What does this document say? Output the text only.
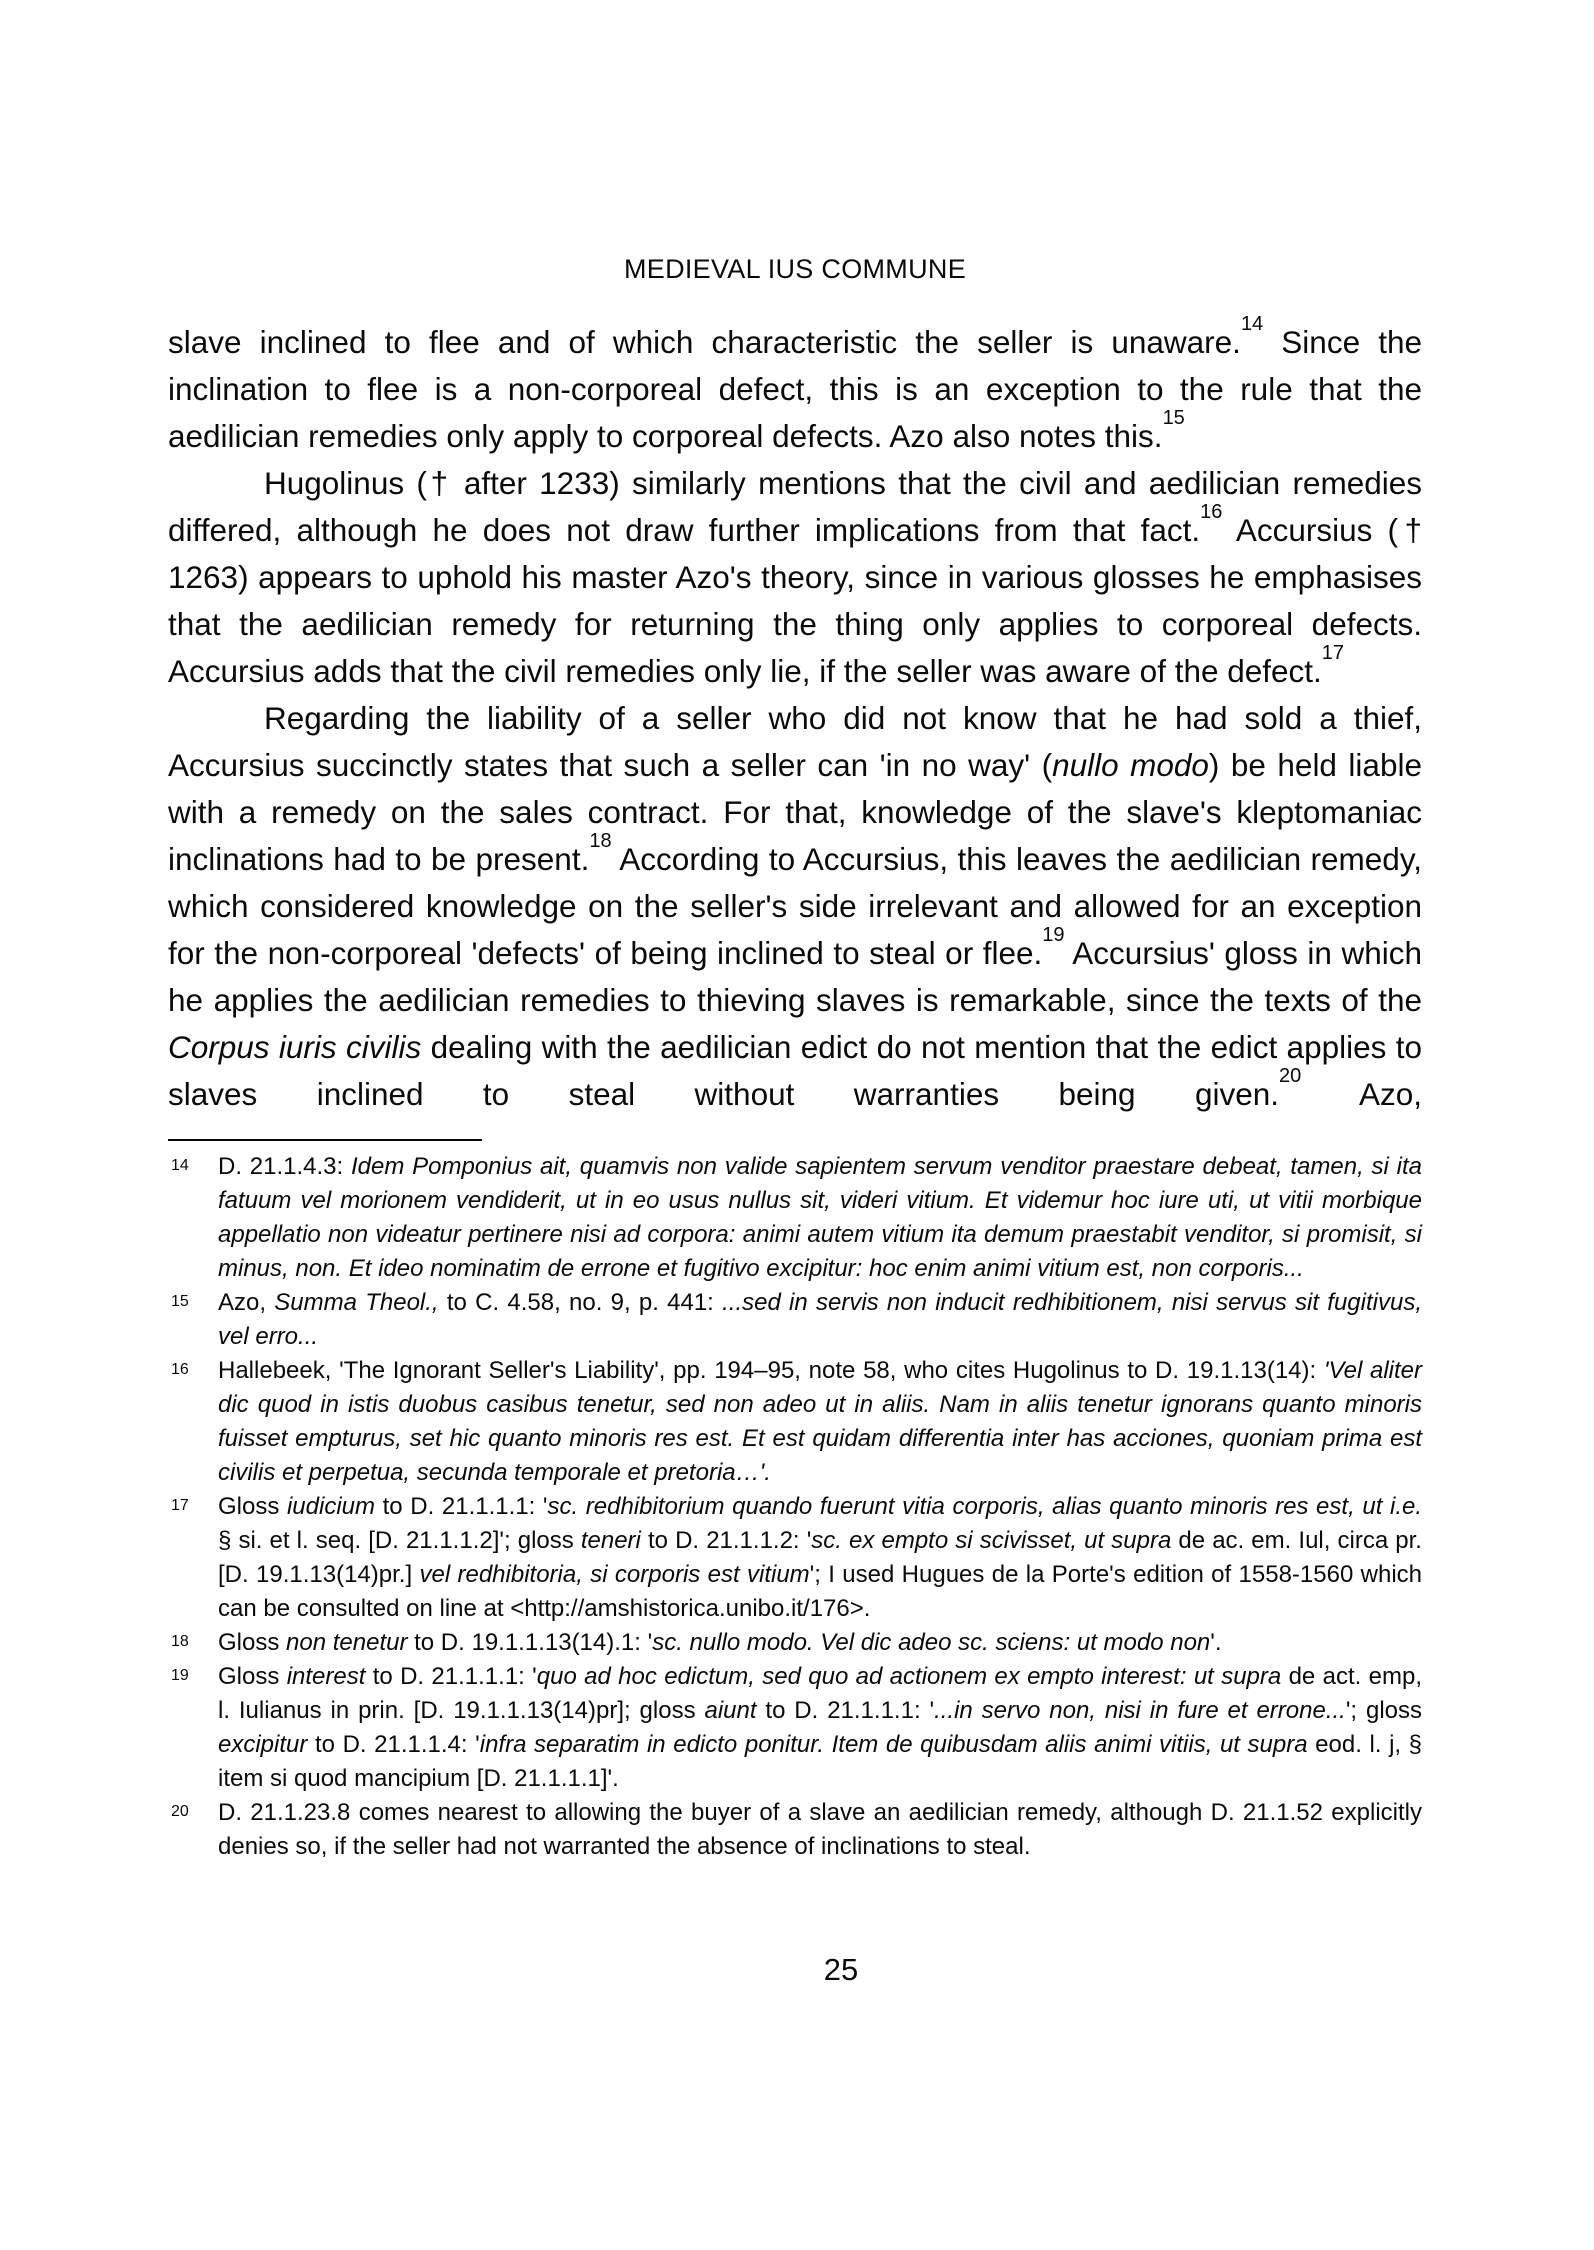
MEDIEVAL IUS COMMUNE
slave inclined to flee and of which characteristic the seller is unaware.$^{14}$ Since the inclination to flee is a non-corporeal defect, this is an exception to the rule that the aedilician remedies only apply to corporeal defects. Azo also notes this.$^{15}$
Hugolinus († after 1233) similarly mentions that the civil and aedilician remedies differed, although he does not draw further implications from that fact.$^{16}$ Accursius († 1263) appears to uphold his master Azo's theory, since in various glosses he emphasises that the aedilician remedy for returning the thing only applies to corporeal defects. Accursius adds that the civil remedies only lie, if the seller was aware of the defect.$^{17}$
Regarding the liability of a seller who did not know that he had sold a thief, Accursius succinctly states that such a seller can 'in no way' (nullo modo) be held liable with a remedy on the sales contract. For that, knowledge of the slave's kleptomaniac inclinations had to be present.$^{18}$ According to Accursius, this leaves the aedilician remedy, which considered knowledge on the seller's side irrelevant and allowed for an exception for the non-corporeal 'defects' of being inclined to steal or flee.$^{19}$ Accursius' gloss in which he applies the aedilician remedies to thieving slaves is remarkable, since the texts of the Corpus iuris civilis dealing with the aedilician edict do not mention that the edict applies to slaves inclined to steal without warranties being given.$^{20}$ Azo,
14 D. 21.1.4.3: Idem Pomponius ait, quamvis non valide sapientem servum venditor praestare debeat, tamen, si ita fatuum vel morionem vendiderit, ut in eo usus nullus sit, videri vitium. Et videmur hoc iure uti, ut vitii morbique appellatio non videatur pertinere nisi ad corpora: animi autem vitium ita demum praestabit venditor, si promisit, si minus, non. Et ideo nominatim de errone et fugitivo excipitur: hoc enim animi vitium est, non corporis...
15 Azo, Summa Theol., to C. 4.58, no. 9, p. 441: ...sed in servis non inducit redhibitionem, nisi servus sit fugitivus, vel erro...
16 Hallebeek, 'The Ignorant Seller's Liability', pp. 194–95, note 58, who cites Hugolinus to D. 19.1.13(14): 'Vel aliter dic quod in istis duobus casibus tenetur, sed non adeo ut in aliis. Nam in aliis tenetur ignorans quanto minoris fuisset empturus, set hic quanto minoris res est. Et est quidam differentia inter has acciones, quoniam prima est civilis et perpetua, secunda temporale et pretoria…'.
17 Gloss iudicium to D. 21.1.1.1: 'sc. redhibitorium quando fuerunt vitia corporis, alias quanto minoris res est, ut i.e. § si. et l. seq. [D. 21.1.1.2]'; gloss teneri to D. 21.1.1.2: 'sc. ex empto si scivisset, ut supra de ac. em. Iul, circa pr. [D. 19.1.13(14)pr.] vel redhibitoria, si corporis est vitium'; I used Hugues de la Porte's edition of 1558-1560 which can be consulted on line at <http://amshistorica.unibo.it/176>.
18 Gloss non tenetur to D. 19.1.1.13(14).1: 'sc. nullo modo. Vel dic adeo sc. sciens: ut modo non'.
19 Gloss interest to D. 21.1.1.1: 'quo ad hoc edictum, sed quo ad actionem ex empto interest: ut supra de act. emp, l. Iulianus in prin. [D. 19.1.1.13(14)pr]; gloss aiunt to D. 21.1.1.1: '...in servo non, nisi in fure et errone...'; gloss excipitur to D. 21.1.1.4: 'infra separatim in edicto ponitur. Item de quibusdam aliis animi vitiis, ut supra eod. l. j, § item si quod mancipium [D. 21.1.1.1]'.
20 D. 21.1.23.8 comes nearest to allowing the buyer of a slave an aedilician remedy, although D. 21.1.52 explicitly denies so, if the seller had not warranted the absence of inclinations to steal.
25
